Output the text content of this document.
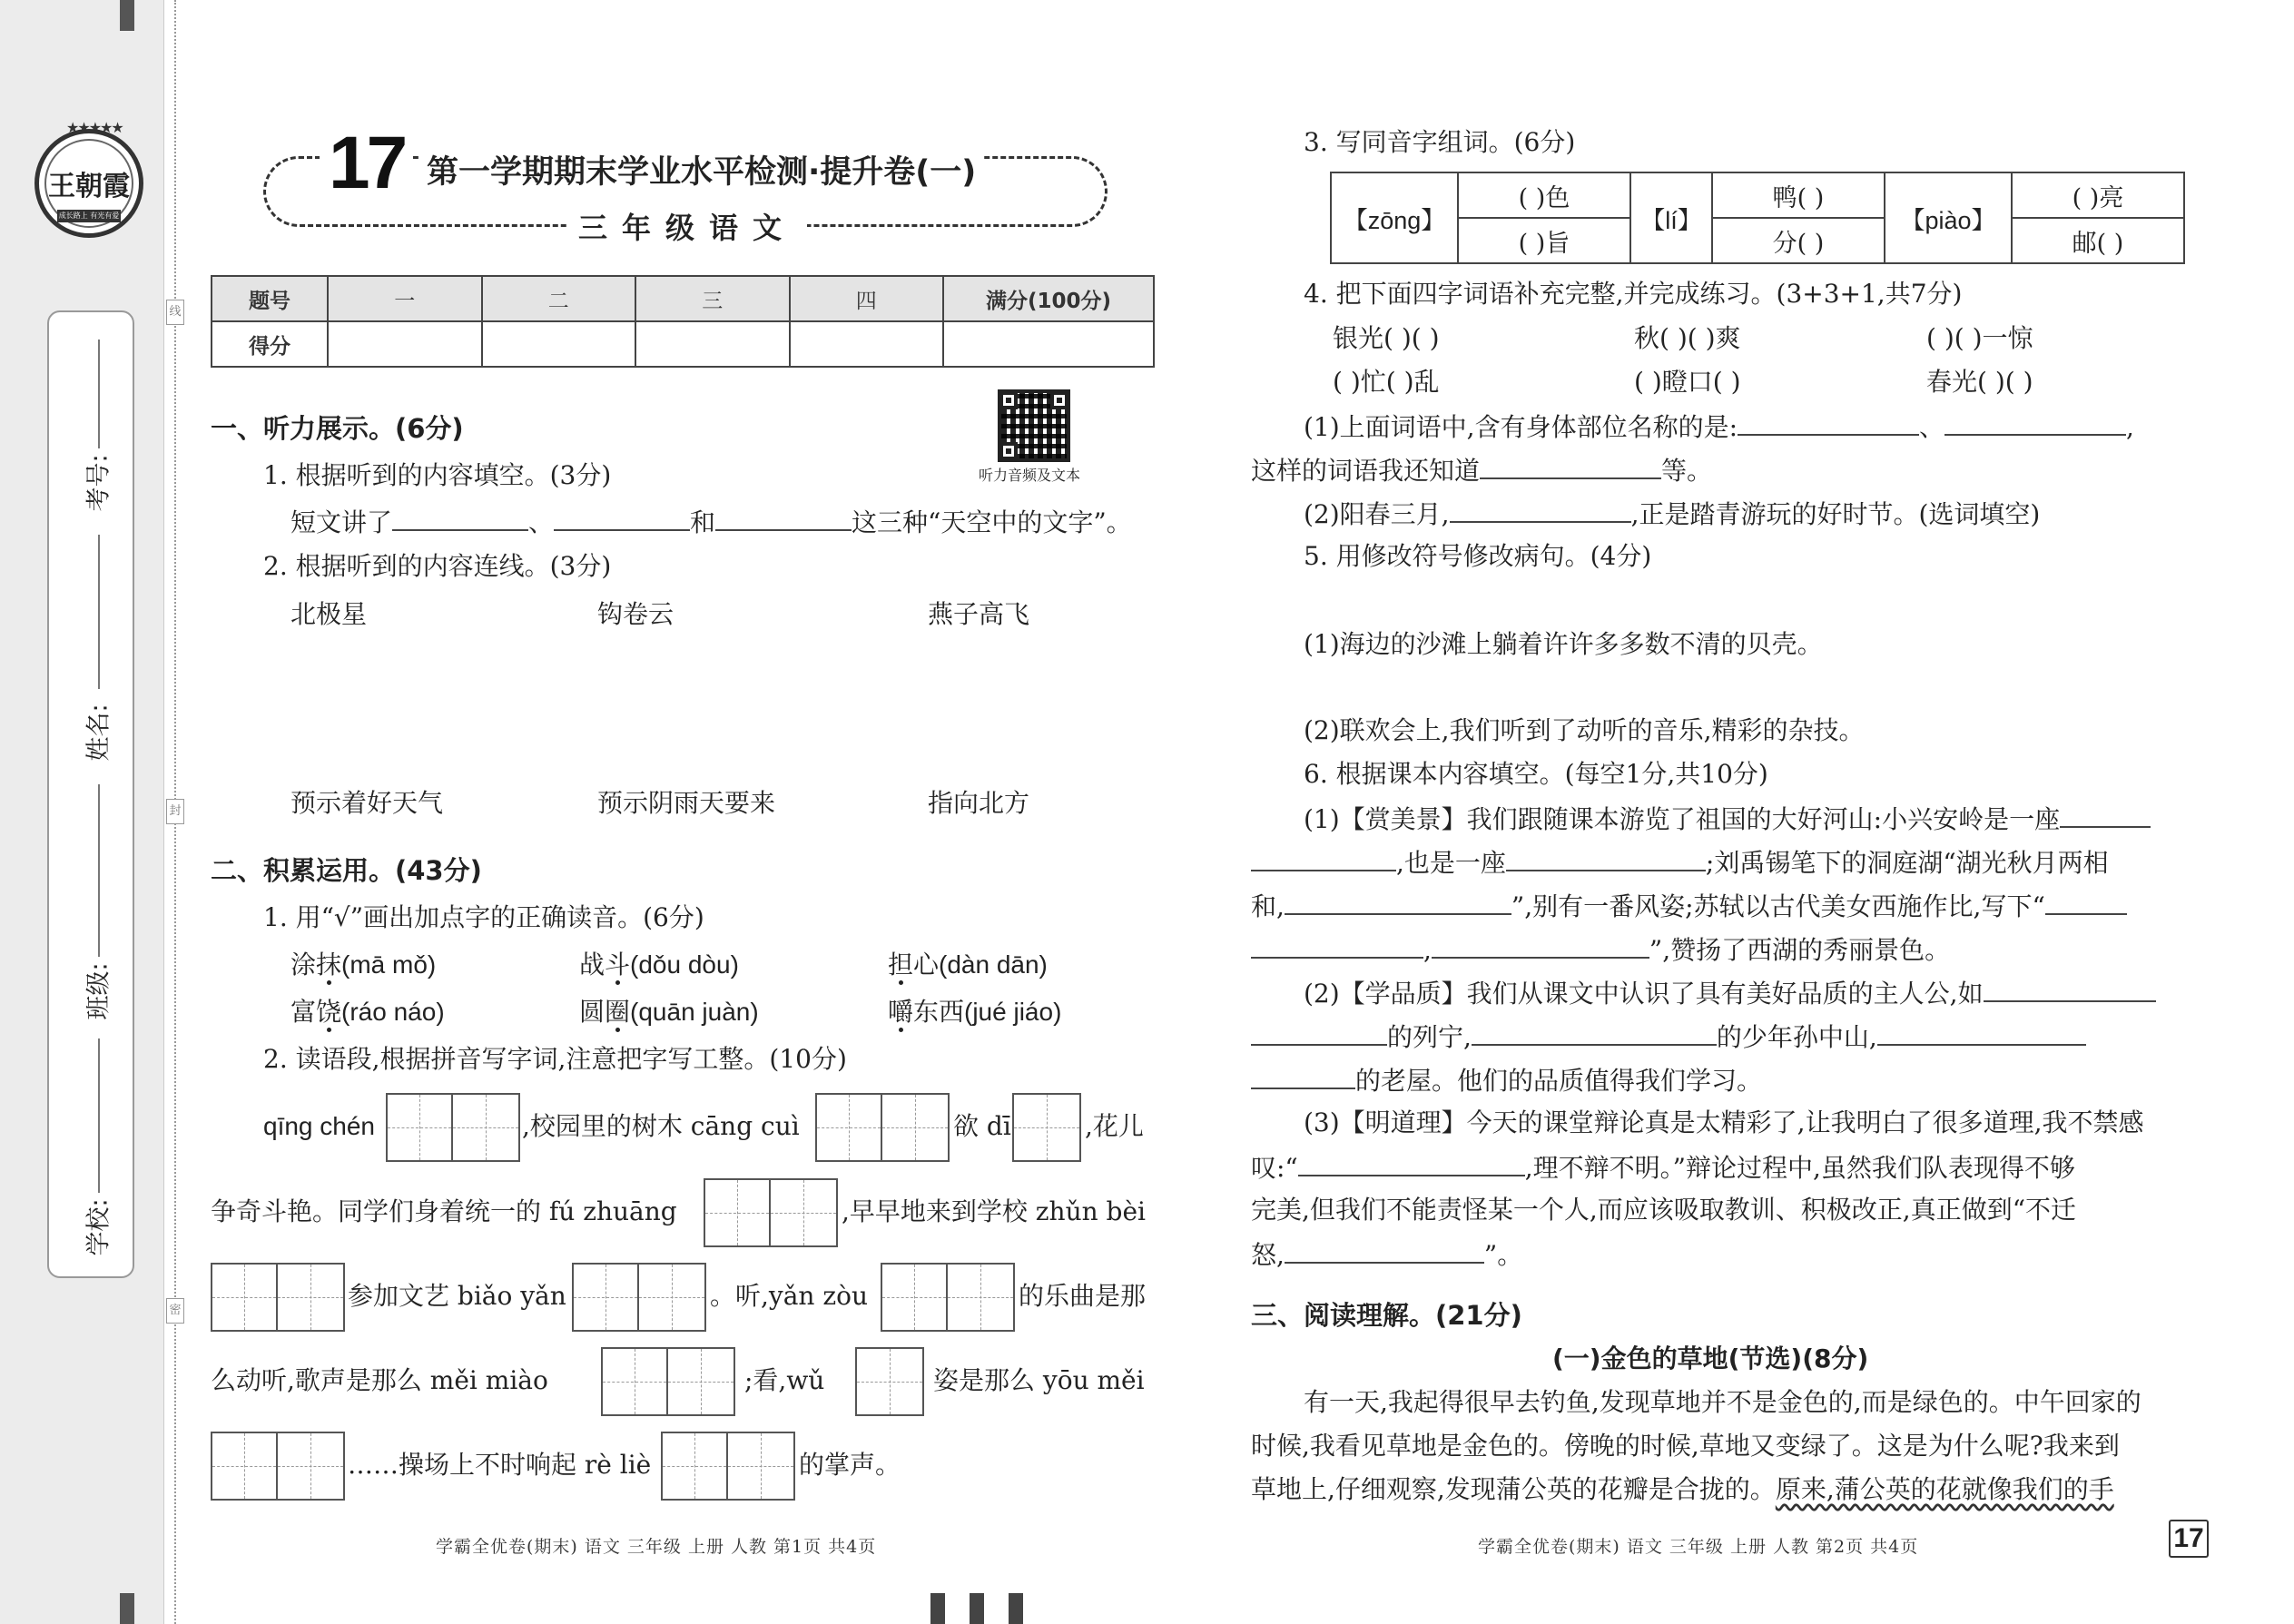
★★★★★
王朝霞
成长路上 有光有爱
考号:
姓名:
班级:
学校:
线
封
密
17 第一学期期末学业水平检测·提升卷(一)
三年级语文
题号	一	二	三	四	满分(100分)
得分					
听力音频及文本
一、听力展示。(6分)
1. 根据听到的内容填空。(3分)
短文讲了	、	和	这三种“天空中的文字”。
2. 根据听到的内容连线。(3分)
北极星	钩卷云	燕子高飞
预示着好天气	预示阴雨天要来	指向北方
二、积累运用。(43分)
1. 用“√”画出加点字的正确读音。(6分)
涂抹(mā mǒ)	战斗(dǒu dòu)	担心(dàn dān)
富饶(ráo náo)	圆圈(quān juàn)	嚼东西(jué jiáo)
2. 读语段,根据拼音写字词,注意把字写工整。(10分)
qīng chén	,校园里的树木 cāng cuì	欲 dī	,花儿
争奇斗艳。同学们身着统一的 fú zhuāng	,早早地来到学校 zhǔn bèi
参加文艺 biǎo yǎn	。听,yǎn zòu	的乐曲是那
么动听,歌声是那么 měi miào	;看,wǔ	姿是那么 yōu měi
……操场上不时响起 rè liè	的掌声。
学霸全优卷(期末) 语文 三年级 上册 人教 第1页 共4页
3. 写同音字组词。(6分)
【zōng】	( )色	【lí】	鸭( )	【piào】	( )亮
	( )旨		分( )		邮( )
4. 把下面四字词语补充完整,并完成练习。(3+3+1,共7分)
银光( )( )	秋( )( )爽	( )( )一惊
( )忙( )乱	( )瞪口( )	春光( )( )
(1)上面词语中,含有身体部位名称的是:	、	,
这样的词语我还知道	等。
(2)阳春三月,	,正是踏青游玩的好时节。(选词填空)
5. 用修改符号修改病句。(4分)
(1)海边的沙滩上躺着许许多多数不清的贝壳。
(2)联欢会上,我们听到了动听的音乐,精彩的杂技。
6. 根据课本内容填空。(每空1分,共10分)
(1)【赏美景】我们跟随课本游览了祖国的大好河山:小兴安岭是一座
,也是一座	;刘禹锡笔下的洞庭湖“湖光秋月两相
和,	”,别有一番风姿;苏轼以古代美女西施作比,写下“
,	”,赞扬了西湖的秀丽景色。
(2)【学品质】我们从课文中认识了具有美好品质的主人公,如
的列宁,	的少年孙中山,
的老屋。他们的品质值得我们学习。
(3)【明道理】今天的课堂辩论真是太精彩了,让我明白了很多道理,我不禁感
叹:“	,理不辩不明。”辩论过程中,虽然我们队表现得不够
完美,但我们不能责怪某一个人,而应该吸取教训、积极改正,真正做到“不迁
怒,	”。
三、阅读理解。(21分)
(一)金色的草地(节选)(8分)
有一天,我起得很早去钓鱼,发现草地并不是金色的,而是绿色的。中午回家的
时候,我看见草地是金色的。傍晚的时候,草地又变绿了。这是为什么呢?我来到
草地上,仔细观察,发现蒲公英的花瓣是合拢的。原来,蒲公英的花就像我们的手
学霸全优卷(期末) 语文 三年级 上册 人教 第2页 共4页	17
